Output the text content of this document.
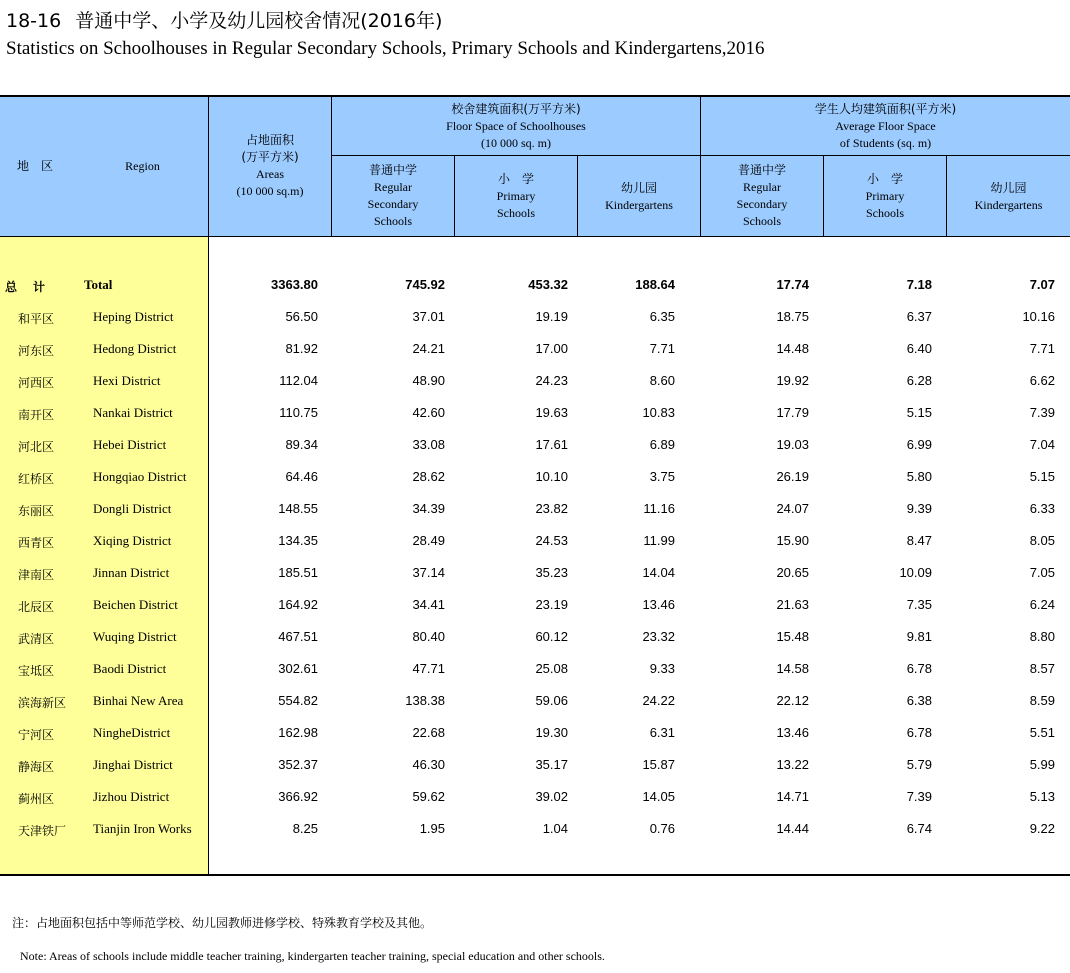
18-16 普通中学、小学及幼儿园校舍情况(2016年)
Statistics on Schoolhouses in Regular Secondary Schools, Primary Schools and Kindergartens,2016
地　区	Region
占地面积
(万平方米)
Areas
(10 000 sq.m)
校舍建筑面积(万平方米)
Floor Space of Schoolhouses
(10 000 sq. m)
学生人均建筑面积(平方米)
Average Floor Space
of Students (sq. m)
普通中学
Regular
Secondary
Schools
小　学
Primary
Schools
幼儿园
Kindergartens
普通中学
Regular
Secondary
Schools
小　学
Primary
Schools
幼儿园
Kindergartens
总　计	Total	3363.80	745.92	453.32	188.64	17.74	7.18	7.07
和平区	Heping District	56.50	37.01	19.19	6.35	18.75	6.37	10.16
河东区	Hedong District	81.92	24.21	17.00	7.71	14.48	6.40	7.71
河西区	Hexi District	112.04	48.90	24.23	8.60	19.92	6.28	6.62
南开区	Nankai District	110.75	42.60	19.63	10.83	17.79	5.15	7.39
河北区	Hebei District	89.34	33.08	17.61	6.89	19.03	6.99	7.04
红桥区	Hongqiao District	64.46	28.62	10.10	3.75	26.19	5.80	5.15
东丽区	Dongli District	148.55	34.39	23.82	11.16	24.07	9.39	6.33
西青区	Xiqing District	134.35	28.49	24.53	11.99	15.90	8.47	8.05
津南区	Jinnan District	185.51	37.14	35.23	14.04	20.65	10.09	7.05
北辰区	Beichen District	164.92	34.41	23.19	13.46	21.63	7.35	6.24
武清区	Wuqing District	467.51	80.40	60.12	23.32	15.48	9.81	8.80
宝坻区	Baodi District	302.61	47.71	25.08	9.33	14.58	6.78	8.57
滨海新区 Binhai New Area	554.82	138.38	59.06	24.22	22.12	6.38	8.59
宁河区	NingheDistrict	162.98	22.68	19.30	6.31	13.46	6.78	5.51
静海区	Jinghai District	352.37	46.30	35.17	15.87	13.22	5.79	5.99
蓟州区	Jizhou District	366.92	59.62	39.02	14.05	14.71	7.39	5.13
天津铁厂 Tianjin Iron Works	8.25	1.95	1.04	0.76	14.44	6.74	9.22
注：占地面积包括中等师范学校、幼儿园教师进修学校、特殊教育学校及其他。
Note: Areas of schools include middle teacher training, kindergarten teacher training, special education and other schools.
